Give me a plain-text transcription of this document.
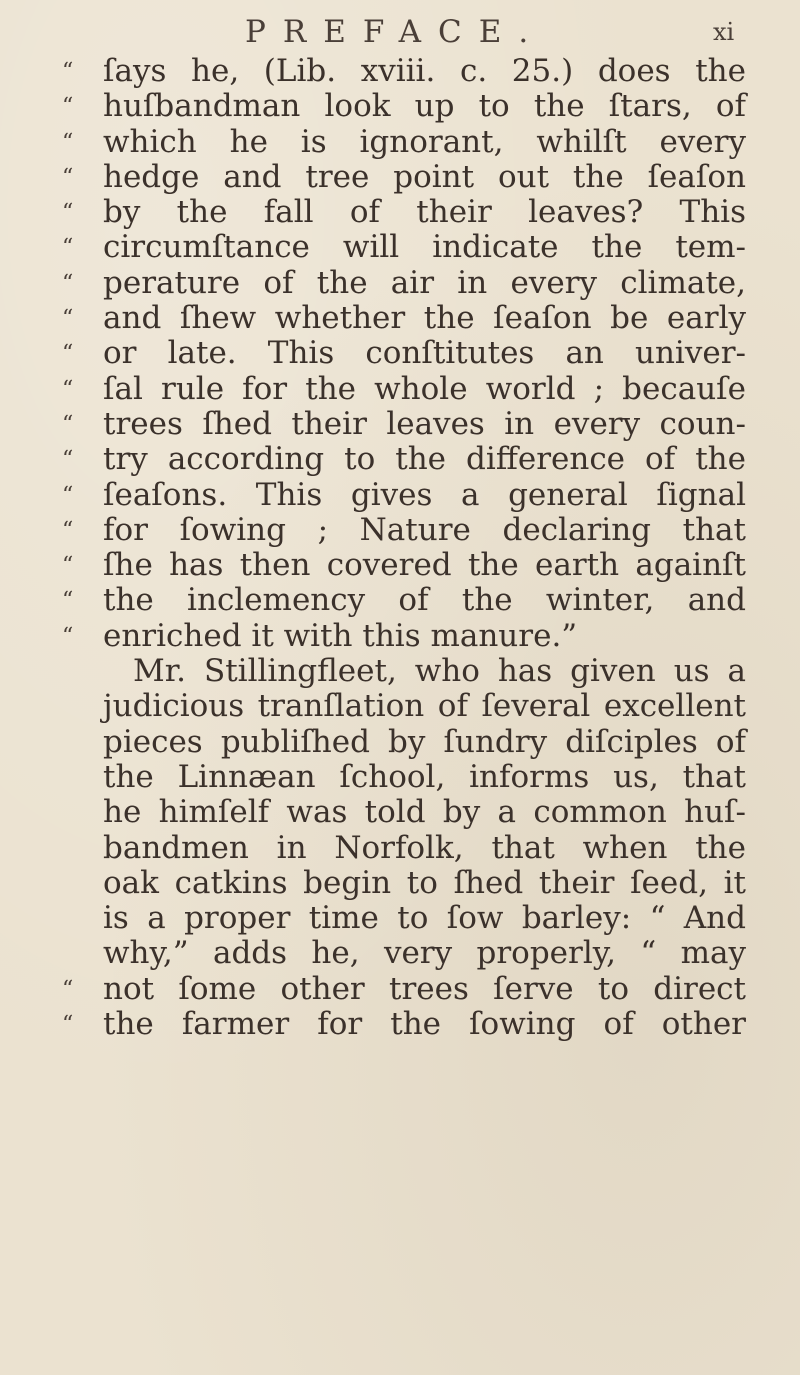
PREFACE.	xi
“ ſays he, (Lib. xviii. c. 25.) does the
“ huſbandman look up to the ſtars, of
“ which he is ignorant, whilſt every
“ hedge and tree point out the ſeaſon
“ by the fall of their leaves? This
“ circumſtance will indicate the tem-
“ perature of the air in every climate,
“ and ſhew whether the ſeaſon be early
“ or late. This conſtitutes an univer-
“ ſal rule for the whole world ; becauſe
“ trees ſhed their leaves in every coun-
“ try according to the difference of the
“ ſeaſons. This gives a general ſignal
“ for ſowing ; Nature declaring that
“ ſhe has then covered the earth againſt
“ the inclemency of the winter, and
“ enriched it with this manure.”
Mr. Stillingfleet, who has given us a
judicious tranſlation of ſeveral excellent
pieces publiſhed by ſundry diſciples of
the Linnæan ſchool, informs us, that
he himſelf was told by a common huſ-
bandmen in Norfolk, that when the
oak catkins begin to ſhed their ſeed, it
is a proper time to ſow barley: “ And
why,” adds he, very properly, “ may
“ not ſome other trees ſerve to direct
“ the farmer for the ſowing of other
